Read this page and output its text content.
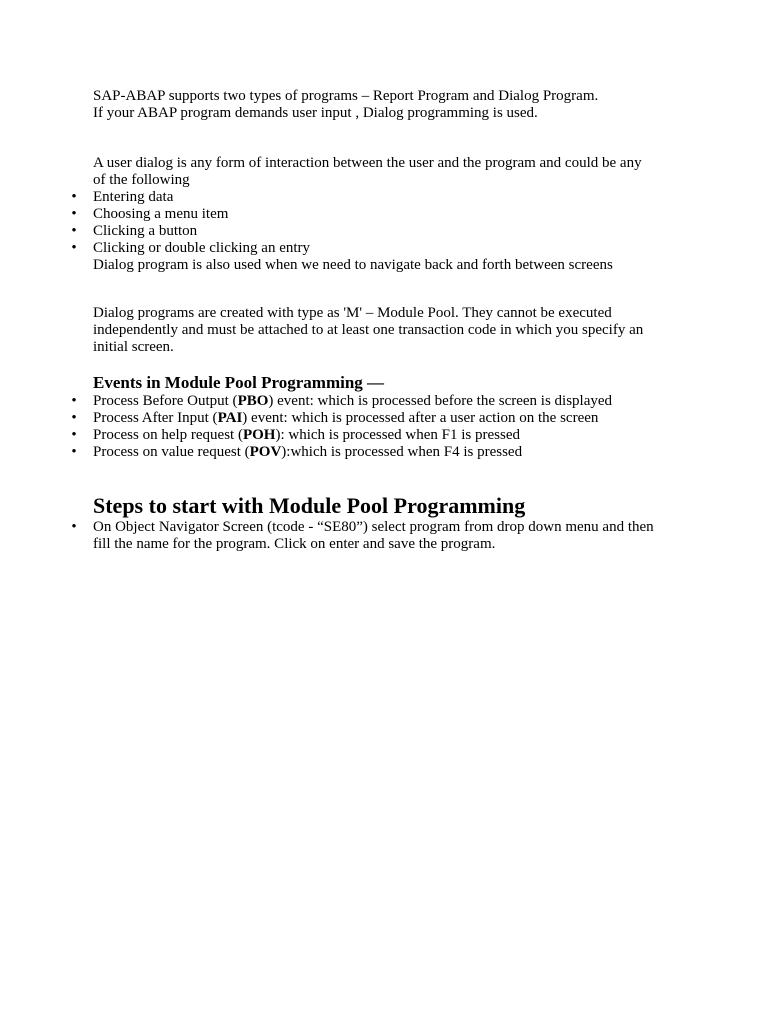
SAP-ABAP supports two types of programs – Report Program and Dialog Program.
If your ABAP program demands user input , Dialog programming is used.
A user dialog is any form of interaction between the user and the program and could be any
of the following
• Entering data
• Choosing a menu item
• Clicking a button
• Clicking or double clicking an entry
Dialog program is also used when we need to navigate back and forth between screens
Dialog programs are created with type as 'M' – Module Pool. They cannot be executed
independently and must be attached to at least one transaction code in which you specify an
initial screen.
Events in Module Pool Programming —
• Process Before Output (PBO) event: which is processed before the screen is displayed
• Process After Input (PAI) event: which is processed after a user action on the screen
• Process on help request (POH): which is processed when F1 is pressed
• Process on value request (POV):which is processed when F4 is pressed
Steps to start with Module Pool Programming
• On Object Navigator Screen (tcode - “SE80”) select program from drop down menu and then
fill the name for the program. Click on enter and save the program.
